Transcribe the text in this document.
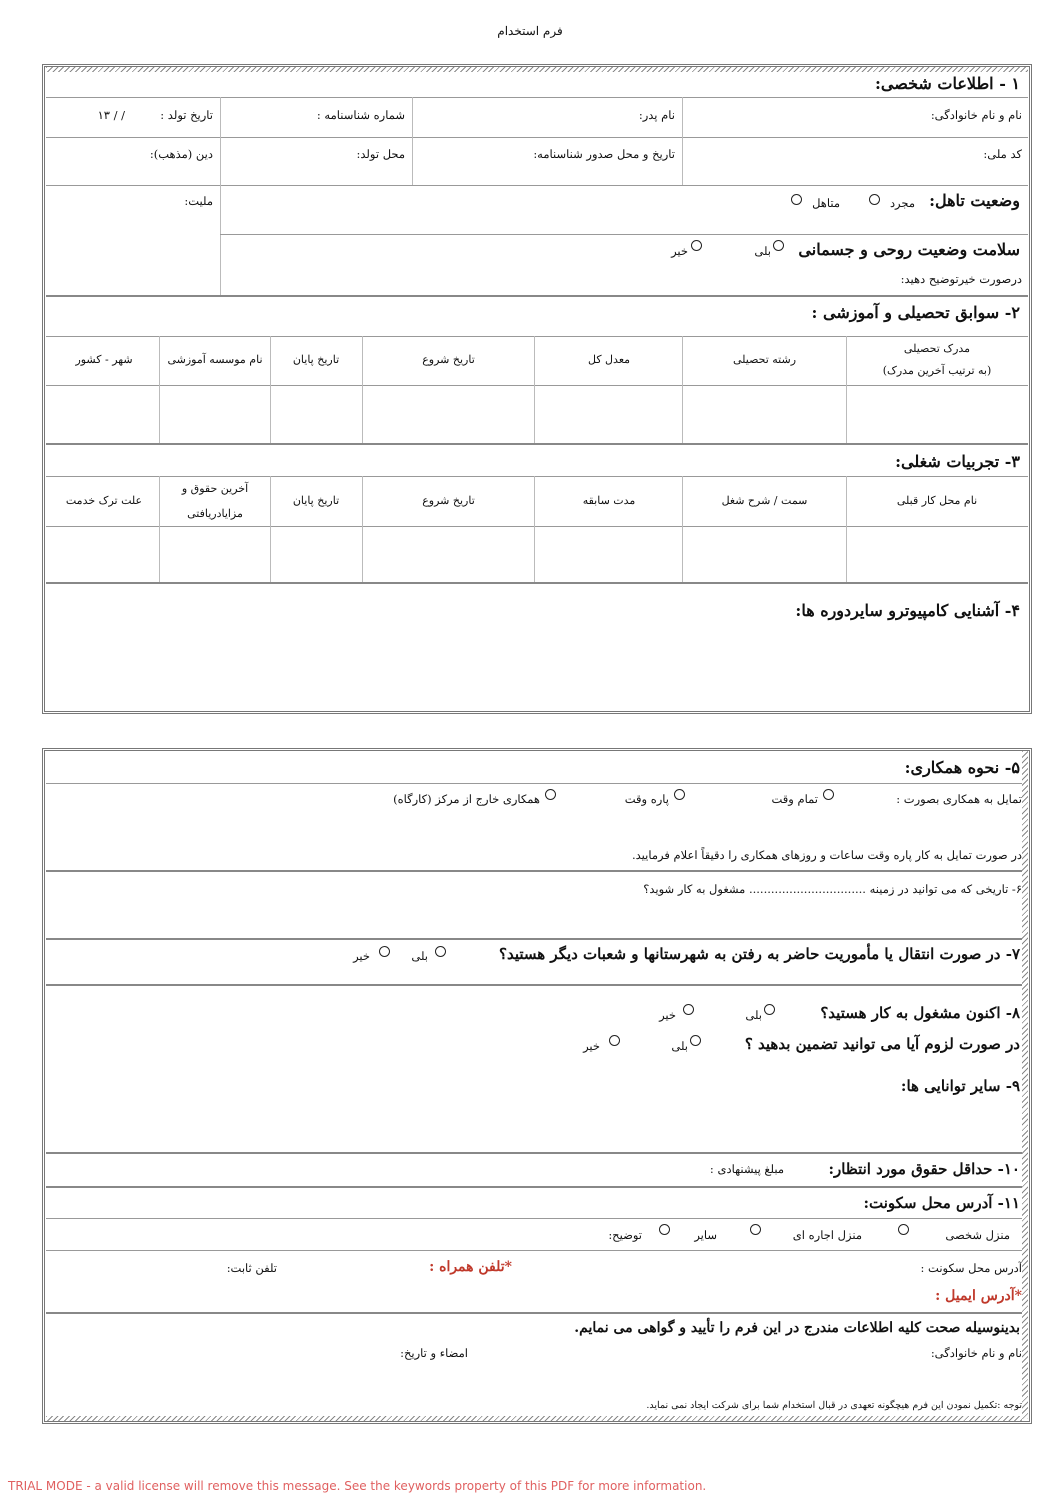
فرم استخدام
۱ - اطلاعات شخصی:
نام و نام خانوادگی:
نام پدر:
شماره شناسنامه :
تاریخ تولد :
/ / ۱۳
کد ملی:
تاریخ و محل صدور شناسنامه:
محل تولد:
دین (مذهب):
ملیت:	وضعیت تاهل:
مجرد
متاهل
سلامت وضعیت روحی و جسمانی
بلی
خیر
درصورت خیرتوضیح دهید:
۲- سوابق تحصیلی و آموزشی :
مدرک تحصیلی
(به ترتیب آخرین مدرک)
رشته تحصیلی
معدل کل
تاریخ شروع
تاریخ پایان
نام موسسه آموزشی
شهر - کشور
۳- تجربیات شغلی:
نام محل کار قبلی
سمت / شرح شغل
مدت سابقه
تاریخ شروع
تاریخ پایان
آخرین حقوق و
مزایادریافتی
علت ترک خدمت
۴- آشنایی کامپیوترو سایردوره ها:
۵- نحوه همکاری:
تمایل به همکاری بصورت :
تمام وقت
پاره وقت
همکاری خارج از مرکز (کارگاه)
در صورت تمایل به کار پاره وقت ساعات و روزهای همکاری را دقیقاً اعلام فرمایید.
۶- تاریخی که می توانید در زمینه ................................ مشغول به کار شوید؟
۷- در صورت انتقال یا مأموریت حاضر به رفتن به شهرستانها و شعبات دیگر هستید؟
بلی
خیر
۸- اکنون مشغول به کار هستید؟
بلی
خیر
در صورت لزوم آیا می توانید تضمین بدهید ؟
بلی
خیر
۹- سایر توانایی ها:
۱۰- حداقل حقوق مورد انتظار:
مبلغ پیشنهادی :
۱۱- آدرس محل سکونت:
منزل شخصی
منزل اجاره ای
سایر
توضیح:
آدرس محل سکونت :
*تلفن همراه :
تلفن ثابت:
*آدرس ایمیل :
بدینوسیله صحت کلیه اطلاعات مندرج در این فرم را تأیید و گواهی می نمایم.
نام و نام خانوادگی:
امضاء و تاریخ:
توجه :تکمیل نمودن این فرم هیچگونه تعهدی در قبال استخدام شما برای شرکت ایجاد نمی نماید.
TRIAL MODE - a valid license will remove this message. See the keywords property of this PDF for more information.
